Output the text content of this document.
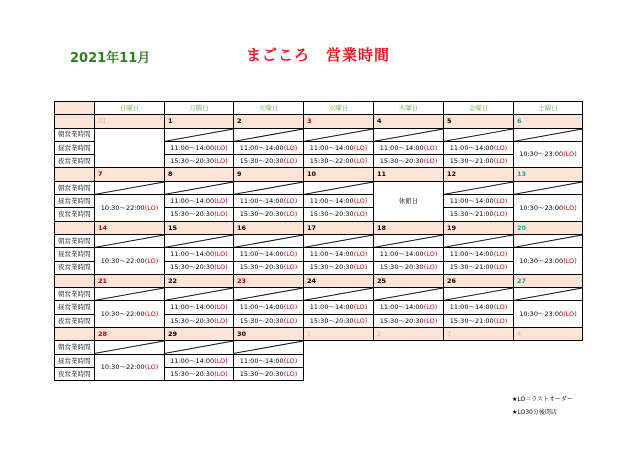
2021年11月	まごころ　営業時間
	日曜日	月曜日	火曜日	水曜日	木曜日	金曜日	土曜日
	31	1	2	3	4	5	6
朝営業時間		

昼営業時間		11:00～14:00(LO)	11:00～14:00(LO)	11:00～14:00(LO)	11:00～14:00(LO)	11:00～14:00(LO)	10:30～23:00(LO)
夜営業時間		15:30～20:30(LO)	15:30～20:30(LO)	15:30～22:00(LO)	15:30～20:30(LO)	15:30～21:00(LO)	
	7	8	9	10	11	12	13
朝営業時間					休館日	

昼営業時間	10:30～22:00(LO)	11:00～14:00(LO)	11:00～14:00(LO)	11:00～14:00(LO)		11:00～14:00(LO)	10:30～23:00(LO)
夜営業時間		15:30～20:30(LO)	15:30～20:30(LO)	15:30～20:30(LO)		15:30～21:00(LO)	
	14	15	16	17	18	19	20
朝営業時間	

昼営業時間	10:30～22:00(LO)	11:00～14:00(LO)	11:00～14:00(LO)	11:00～14:00(LO)	11:00～14:00(LO)	11:00～14:00(LO)	10:30～23:00(LO)
夜営業時間		15:30～20:30(LO)	15:30～20:30(LO)	15:30～20:30(LO)	15:30～20:30(LO)	15:30～21:00(LO)	
	21	22	23	24	25	26	27
朝営業時間	

昼営業時間	10:30～22:00(LO)	11:00～14:00(LO)	11:00～14:00(LO)	11:00～14:00(LO)	11:00～14:00(LO)	11:00～14:00(LO)	10:30～23:00(LO)
夜営業時間		15:30～20:30(LO)	15:30～20:30(LO)	15:30～20:30(LO)	15:30～20:30(LO)	15:30～21:00(LO)	
	28	29	30	1	2	3	4
朝営業時間	

昼営業時間	10:30～22:00(LO)	11:00～14:00(LO)	11:00～14:00(LO)				
夜営業時間		15:30～20:30(LO)	15:30～20:30(LO)				
★LO＝ラストオーダー
★LO30分後閉店
